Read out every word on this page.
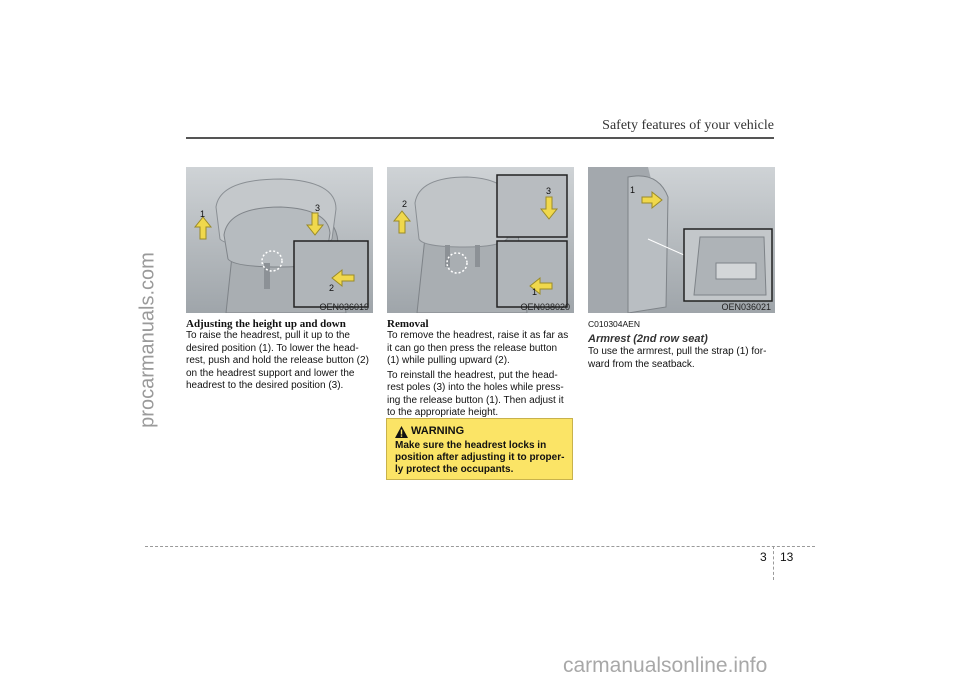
procarmanuals.com
Safety features of your vehicle
1
3
2
OEN036019
2
3
1
OEN038020
1
OEN036021
Adjusting the height up and down
To raise the headrest, pull it up to the
desired position (1). To lower the head-
rest, push and hold the release button (2)
on the headrest support and lower the
headrest to the desired position (3).
Removal
To remove the headrest, raise it as far as
it can go then press the release button
(1) while pulling upward (2).
To reinstall the headrest, put the head-
rest poles (3) into the holes while press-
ing the release button (1). Then adjust it
to the appropriate height.
WARNING
Make sure the headrest locks in
position after adjusting it to proper-
ly protect the occupants.
C010304AEN
Armrest (2nd row seat)
To use the armrest, pull the strap (1) for-
ward from the seatback.
3 13
carmanualsonline.info
